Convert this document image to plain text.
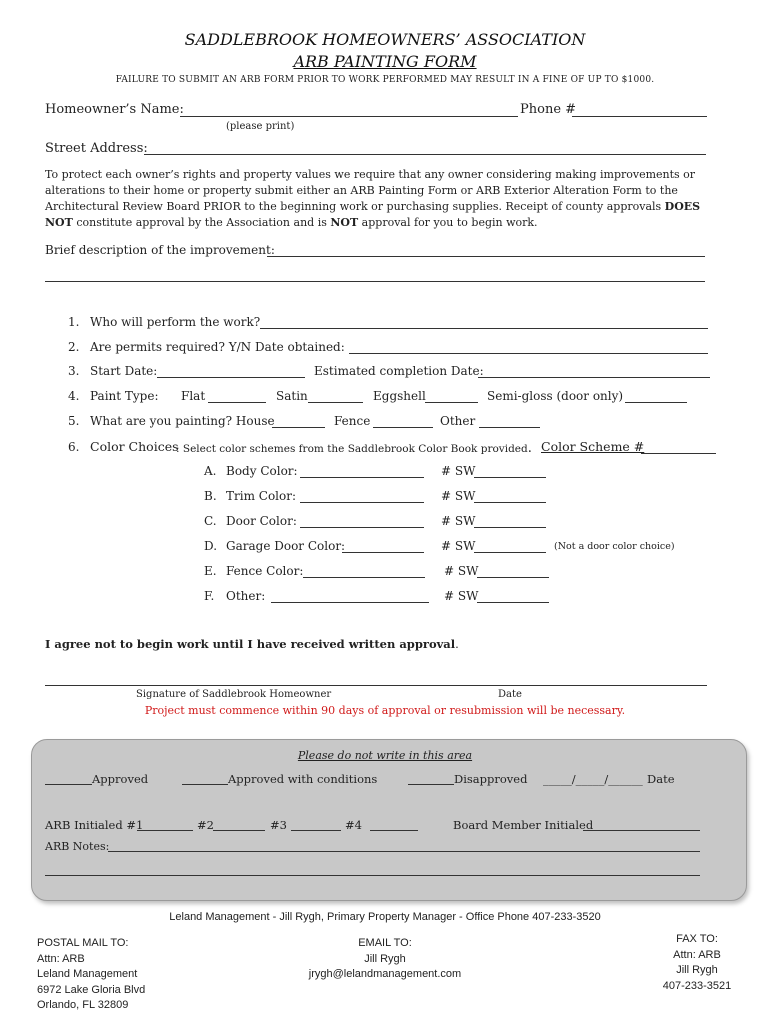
SADDLEBROOK HOMEOWNERS’ ASSOCIATION
ARB PAINTING FORM
FAILURE TO SUBMIT AN ARB FORM PRIOR TO WORK PERFORMED MAY RESULT IN A FINE OF UP TO $1000.
Homeowner’s Name:	Phone #
(please print)
Street Address:
To protect each owner’s rights and property values we require that any owner considering making improvements or alterations to their home or property submit either an ARB Painting Form or ARB Exterior Alteration Form to the Architectural Review Board PRIOR to the beginning work or purchasing supplies. Receipt of county approvals DOES NOT constitute approval by the Association and is NOT approval for you to begin work.
Brief description of the improvement:
1. Who will perform the work?
2. Are permits required? Y/N Date obtained:
3. Start Date:	Estimated completion Date:
4. Paint Type: Flat	Satin	Eggshell	Semi-gloss (door only)
5. What are you painting? House	Fence	Other
6. Color Choices
: Select color schemes from the Saddlebrook Color Book provided. Color Scheme #
A. Body Color:	# SW
B. Trim Color:	# SW
C. Door Color:	# SW
D. Garage Door Color:	# SW	(Not a door color choice)
E. Fence Color:	# SW
F. Other:	# SW
I agree not to begin work until I have received written approval.
Signature of Saddlebrook Homeowner	Date
Project must commence within 90 days of approval or resubmission will be necessary.
Please do not write in this area
Approved	Approved with conditions	Disapproved _____/_____/______ Date
ARB Initialed #1	#2	#3	#4	Board Member Initialed
ARB Notes:
Leland Management - Jill Rygh, Primary Property Manager - Office Phone 407-233-3520
POSTAL MAIL TO:
Attn: ARB
Leland Management
6972 Lake Gloria Blvd
Orlando, FL 32809
EMAIL TO:
Jill Rygh
jrygh@lelandmanagement.com
FAX TO:
Attn: ARB
Jill Rygh
407-233-3521
